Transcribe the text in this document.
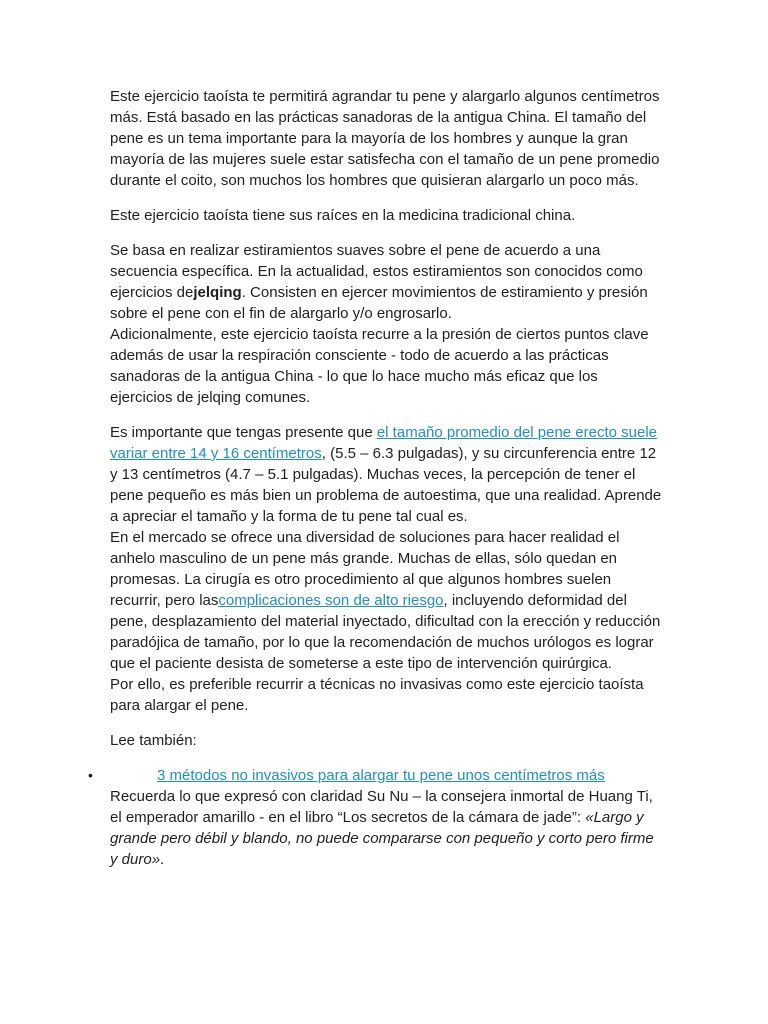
Este ejercicio taoísta te permitirá agrandar tu pene y alargarlo algunos centímetros más. Está basado en las prácticas sanadoras de la antigua China. El tamaño del pene es un tema importante para la mayoría de los hombres y aunque la gran mayoría de las mujeres suele estar satisfecha con el tamaño de un pene promedio durante el coito, son muchos los hombres que quisieran alargarlo un poco más.

Este ejercicio taoísta tiene sus raíces en la medicina tradicional china.

Se basa en realizar estiramientos suaves sobre el pene de acuerdo a una secuencia específica. En la actualidad, estos estiramientos son conocidos como ejercicios dejelqing. Consisten en ejercer movimientos de estiramiento y presión sobre el pene con el fin de alargarlo y/o engrosarlo.
Adicionalmente, este ejercicio taoísta recurre a la presión de ciertos puntos clave además de usar la respiración consciente - todo de acuerdo a las prácticas sanadoras de la antigua China - lo que lo hace mucho más eficaz que los ejercicios de jelqing comunes.

Es importante que tengas presente que el tamaño promedio del pene erecto suele variar entre 14 y 16 centímetros, (5.5 – 6.3 pulgadas), y su circunferencia entre 12 y 13 centímetros (4.7 – 5.1 pulgadas). Muchas veces, la percepción de tener el pene pequeño es más bien un problema de autoestima, que una realidad. Aprende a apreciar el tamaño y la forma de tu pene tal cual es.
En el mercado se ofrece una diversidad de soluciones para hacer realidad el anhelo masculino de un pene más grande. Muchas de ellas, sólo quedan en promesas. La cirugía es otro procedimiento al que algunos hombres suelen recurrir, pero lascomplicaciones son de alto riesgo, incluyendo deformidad del pene, desplazamiento del material inyectado, dificultad con la erección y reducción paradójica de tamaño, por lo que la recomendación de muchos urólogos es lograr que el paciente desista de someterse a este tipo de intervención quirúrgica.
Por ello, es preferible recurrir a técnicas no invasivas como este ejercicio taoísta para alargar el pene.

Lee también:

•	3 métodos no invasivos para alargar tu pene unos centímetros más

Recuerda lo que expresó con claridad Su Nu – la consejera inmortal de Huang Ti, el emperador amarillo - en el libro “Los secretos de la cámara de jade”: «Largo y grande pero débil y blando, no puede compararse con pequeño y corto pero firme y duro».
